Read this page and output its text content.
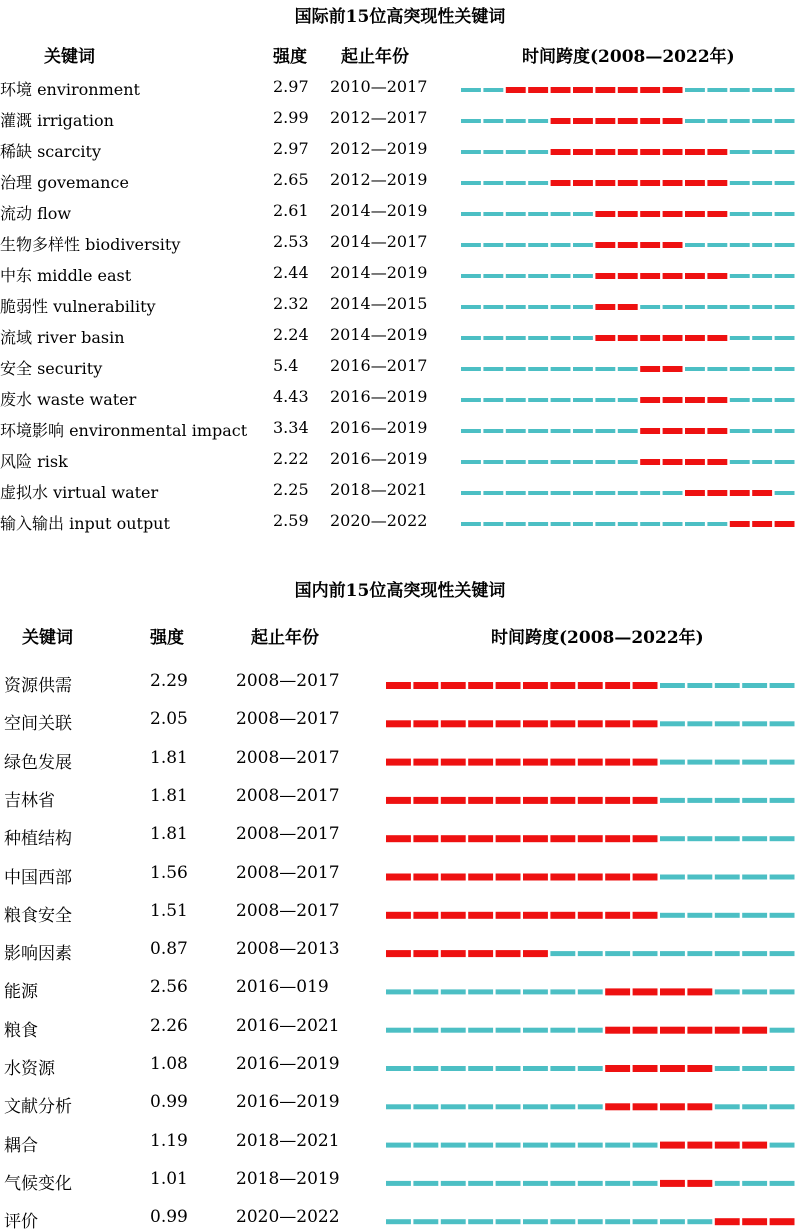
国际前15位高突现性关键词
关键词	强度 起止年份	时间跨度(2008—2022年)
环境 environment	2.97 2010—2017
灌溉 irrigation	2.99 2012—2017
稀缺 scarcity	2.97 2012—2019
治理 govemance	2.65 2012—2019
流动 flow	2.61 2014—2019
生物多样性 biodiversity	2.53 2014—2017
中东 middle east	2.44 2014—2019
脆弱性 vulnerability	2.32 2014—2015
流域 river basin	2.24 2014—2019
安全 security	5.4 2016—2017
废水 waste water	4.43 2016—2019
环境影响 environmental impact 3.34 2016—2019
风险 risk	2.22 2016—2019
虚拟水 virtual water	2.25 2018—2021
输入输出 input output	2.59 2020—2022
国内前15位高突现性关键词
关键词	强度	起止年份	时间跨度(2008—2022年)
资源供需	2.29	2008—2017
空间关联	2.05	2008—2017
绿色发展	1.81	2008—2017
吉林省	1.81	2008—2017
种植结构	1.81	2008—2017
中国西部	1.56	2008—2017
粮食安全	1.51	2008—2017
影响因素	0.87	2008—2013
能源	2.56	2016—019
粮食	2.26	2016—2021
水资源	1.08	2016—2019
文献分析	0.99	2016—2019
耦合	1.19	2018—2021
气候变化	1.01	2018—2019
评价	0.99	2020—2022
